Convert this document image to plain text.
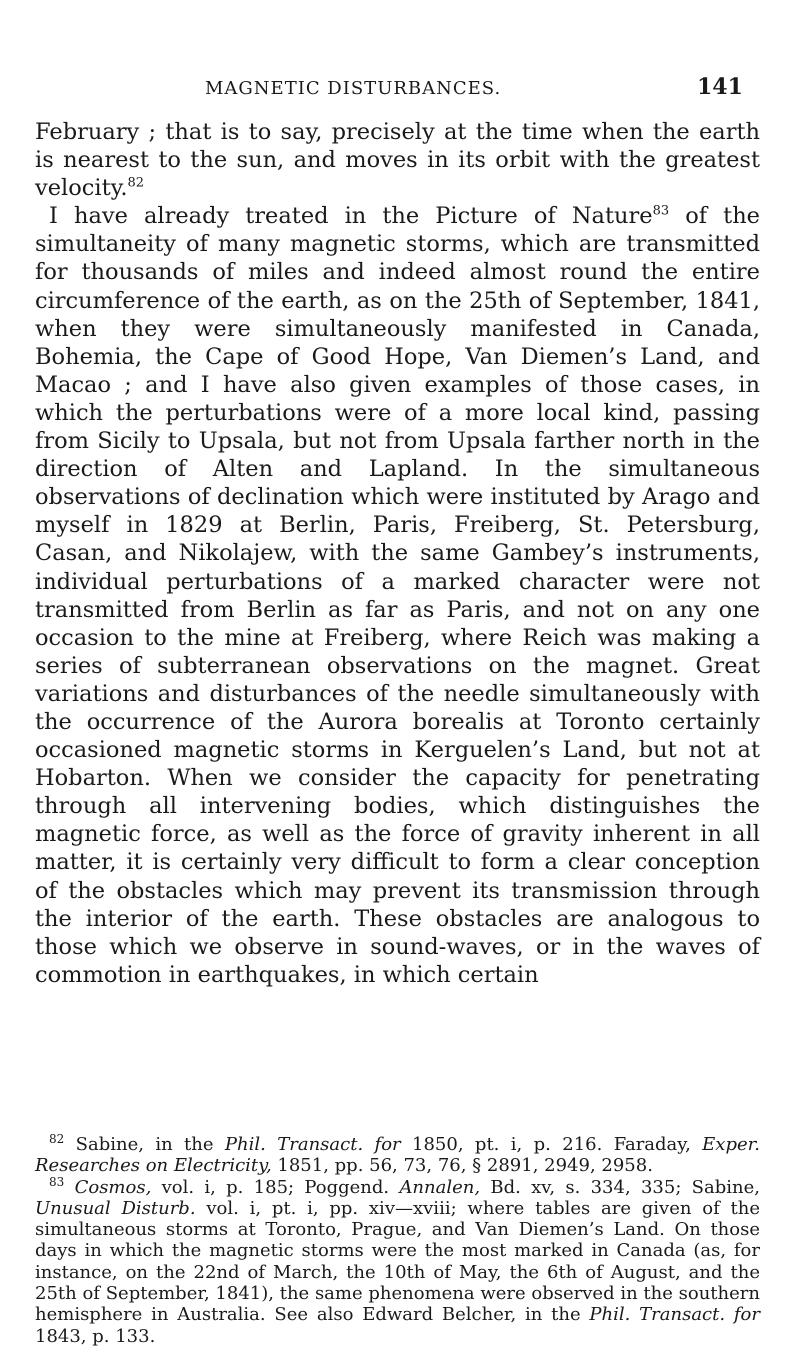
MAGNETIC DISTURBANCES.	141

February ; that is to say, precisely at the time when the earth is nearest to the sun, and moves in its orbit with the greatest velocity.$^{82}$

I have already treated in the Picture of Nature$^{83}$ of the simultaneity of many magnetic storms, which are transmitted for thousands of miles and indeed almost round the entire circumference of the earth, as on the 25th of September, 1841, when they were simultaneously manifested in Canada, Bohemia, the Cape of Good Hope, Van Diemen’s Land, and Macao ; and I have also given examples of those cases, in which the perturbations were of a more local kind, passing from Sicily to Upsala, but not from Upsala farther north in the direction of Alten and Lapland. In the simultaneous observations of declination which were instituted by Arago and myself in 1829 at Berlin, Paris, Freiberg, St. Petersburg, Casan, and Nikolajew, with the same Gambey’s instruments, individual perturbations of a marked character were not transmitted from Berlin as far as Paris, and not on any one occasion to the mine at Freiberg, where Reich was making a series of subterranean observations on the magnet. Great variations and disturbances of the needle simultaneously with the occurrence of the Aurora borealis at Toronto certainly occasioned magnetic storms in Kerguelen’s Land, but not at Hobarton. When we consider the capacity for penetrating through all intervening bodies, which distinguishes the magnetic force, as well as the force of gravity inherent in all matter, it is certainly very difficult to form a clear conception of the obstacles which may prevent its transmission through the interior of the earth. These obstacles are analogous to those which we observe in sound-waves, or in the waves of commotion in earthquakes, in which certain

$^{82}$ Sabine, in the Phil. Transact. for 1850, pt. i, p. 216. Faraday, Exper. Researches on Electricity, 1851, pp. 56, 73, 76, § 2891, 2949, 2958.

$^{83}$ Cosmos, vol. i, p. 185; Poggend. Annalen, Bd. xv, s. 334, 335; Sabine, Unusual Disturb. vol. i, pt. i, pp. xiv—xviii; where tables are given of the simultaneous storms at Toronto, Prague, and Van Diemen’s Land. On those days in which the magnetic storms were the most marked in Canada (as, for instance, on the 22nd of March, the 10th of May, the 6th of August, and the 25th of September, 1841), the same phenomena were observed in the southern hemisphere in Australia. See also Edward Belcher, in the Phil. Transact. for 1843, p. 133.
